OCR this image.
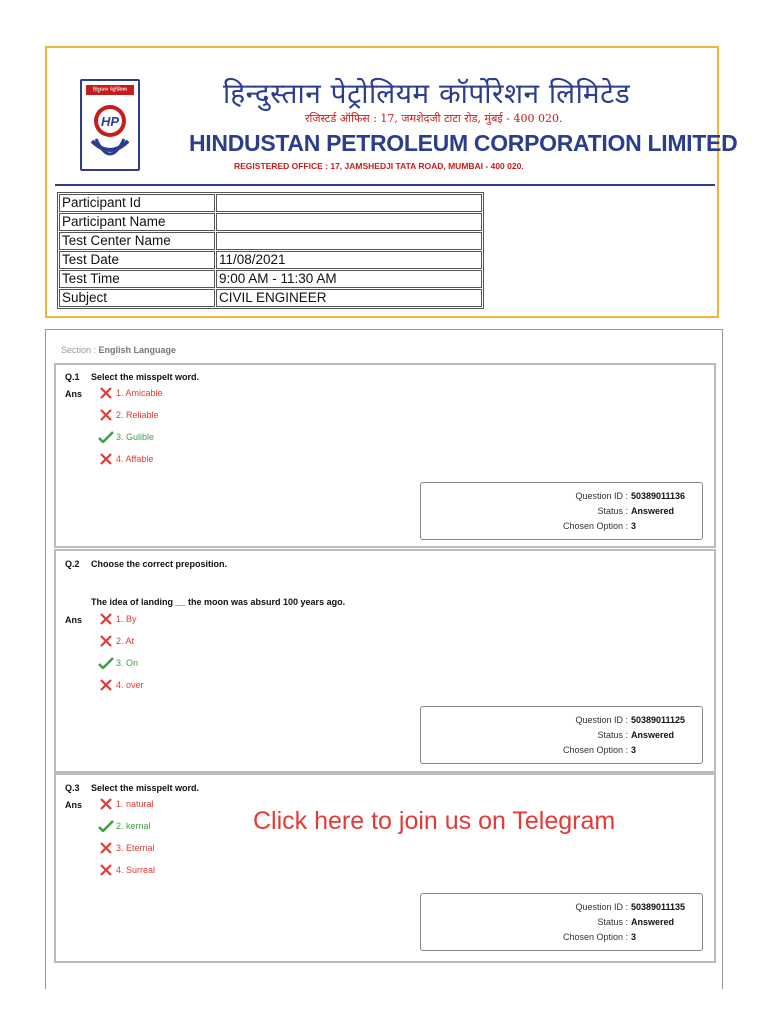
हिंदुस्तान पेट्रोलियम
HP
हिन्दुस्तान पेट्रोलियम कॉर्पोरेशन लिमिटेड
रजिस्टर्ड ऑफिस : 17, जमशेदजी टाटा रोड, मुंबई - 400 020.
HINDUSTAN PETROLEUM CORPORATION LIMITED
REGISTERED OFFICE : 17, JAMSHEDJI TATA ROAD, MUMBAI - 400 020.
Participant Id	
Participant Name	
Test Center Name	
Test Date	11/08/2021
Test Time	9:00 AM - 11:30 AM
Subject	CIVIL ENGINEER
Section : English Language
Q.1 Select the misspelt word.
Ans	1. Amicable
2. Reliable
3. Gulible
4. Affable
Question ID : 50389011136
Status : Answered
Chosen Option : 3
Q.2 Choose the correct preposition.
The idea of landing __ the moon was absurd 100 years ago.
Ans	1. By
2. At
3. On
4. over
Question ID : 50389011125
Status : Answered
Chosen Option : 3
Q.3 Select the misspelt word.
Ans	1. natural
2. kernal
3. Eternal
4. Surreal
Question ID : 50389011135
Status : Answered
Chosen Option : 3
Click here to join us on Telegram
